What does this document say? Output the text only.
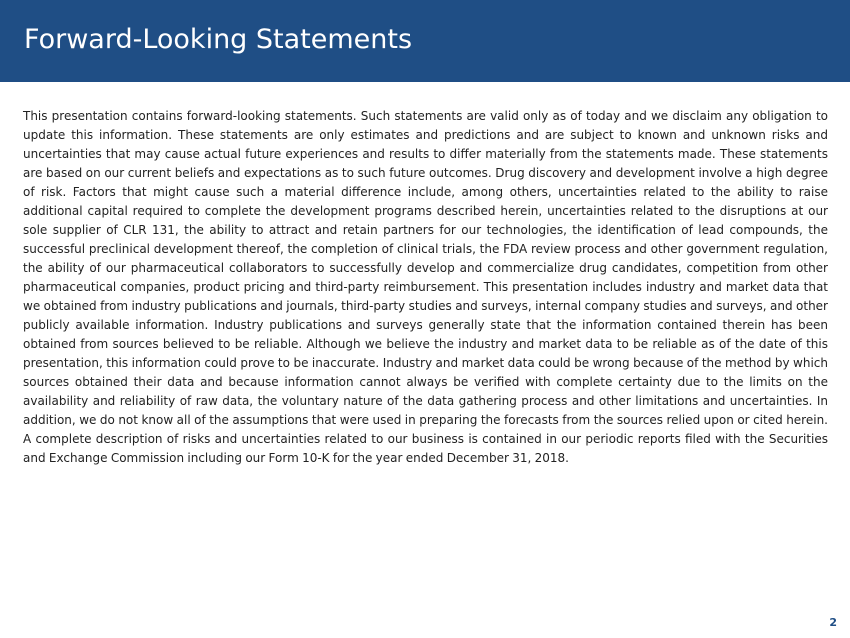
Forward-Looking Statements

This presentation contains forward-looking statements. Such statements are valid only as of today and we disclaim any obligation to update this information. These statements are only estimates and predictions and are subject to known and unknown risks and uncertainties that may cause actual future experiences and results to differ materially from the statements made. These statements are based on our current beliefs and expectations as to such future outcomes. Drug discovery and development involve a high degree of risk. Factors that might cause such a material difference include, among others, uncertainties related to the ability to raise additional capital required to complete the development programs described herein, uncertainties related to the disruptions at our sole supplier of CLR 131, the ability to attract and retain partners for our technologies, the identification of lead compounds, the successful preclinical development thereof, the completion of clinical trials, the FDA review process and other government regulation, the ability of our pharmaceutical collaborators to successfully develop and commercialize drug candidates, competition from other pharmaceutical companies, product pricing and third-party reimbursement. This presentation includes industry and market data that we obtained from industry publications and journals, third-party studies and surveys, internal company studies and surveys, and other publicly available information. Industry publications and surveys generally state that the information contained therein has been obtained from sources believed to be reliable. Although we believe the industry and market data to be reliable as of the date of this presentation, this information could prove to be inaccurate. Industry and market data could be wrong because of the method by which sources obtained their data and because information cannot always be verified with complete certainty due to the limits on the availability and reliability of raw data, the voluntary nature of the data gathering process and other limitations and uncertainties. In addition, we do not know all of the assumptions that were used in preparing the forecasts from the sources relied upon or cited herein. A complete description of risks and uncertainties related to our business is contained in our periodic reports filed with the Securities and Exchange Commission including our Form 10-K for the year ended December 31, 2018.

2
